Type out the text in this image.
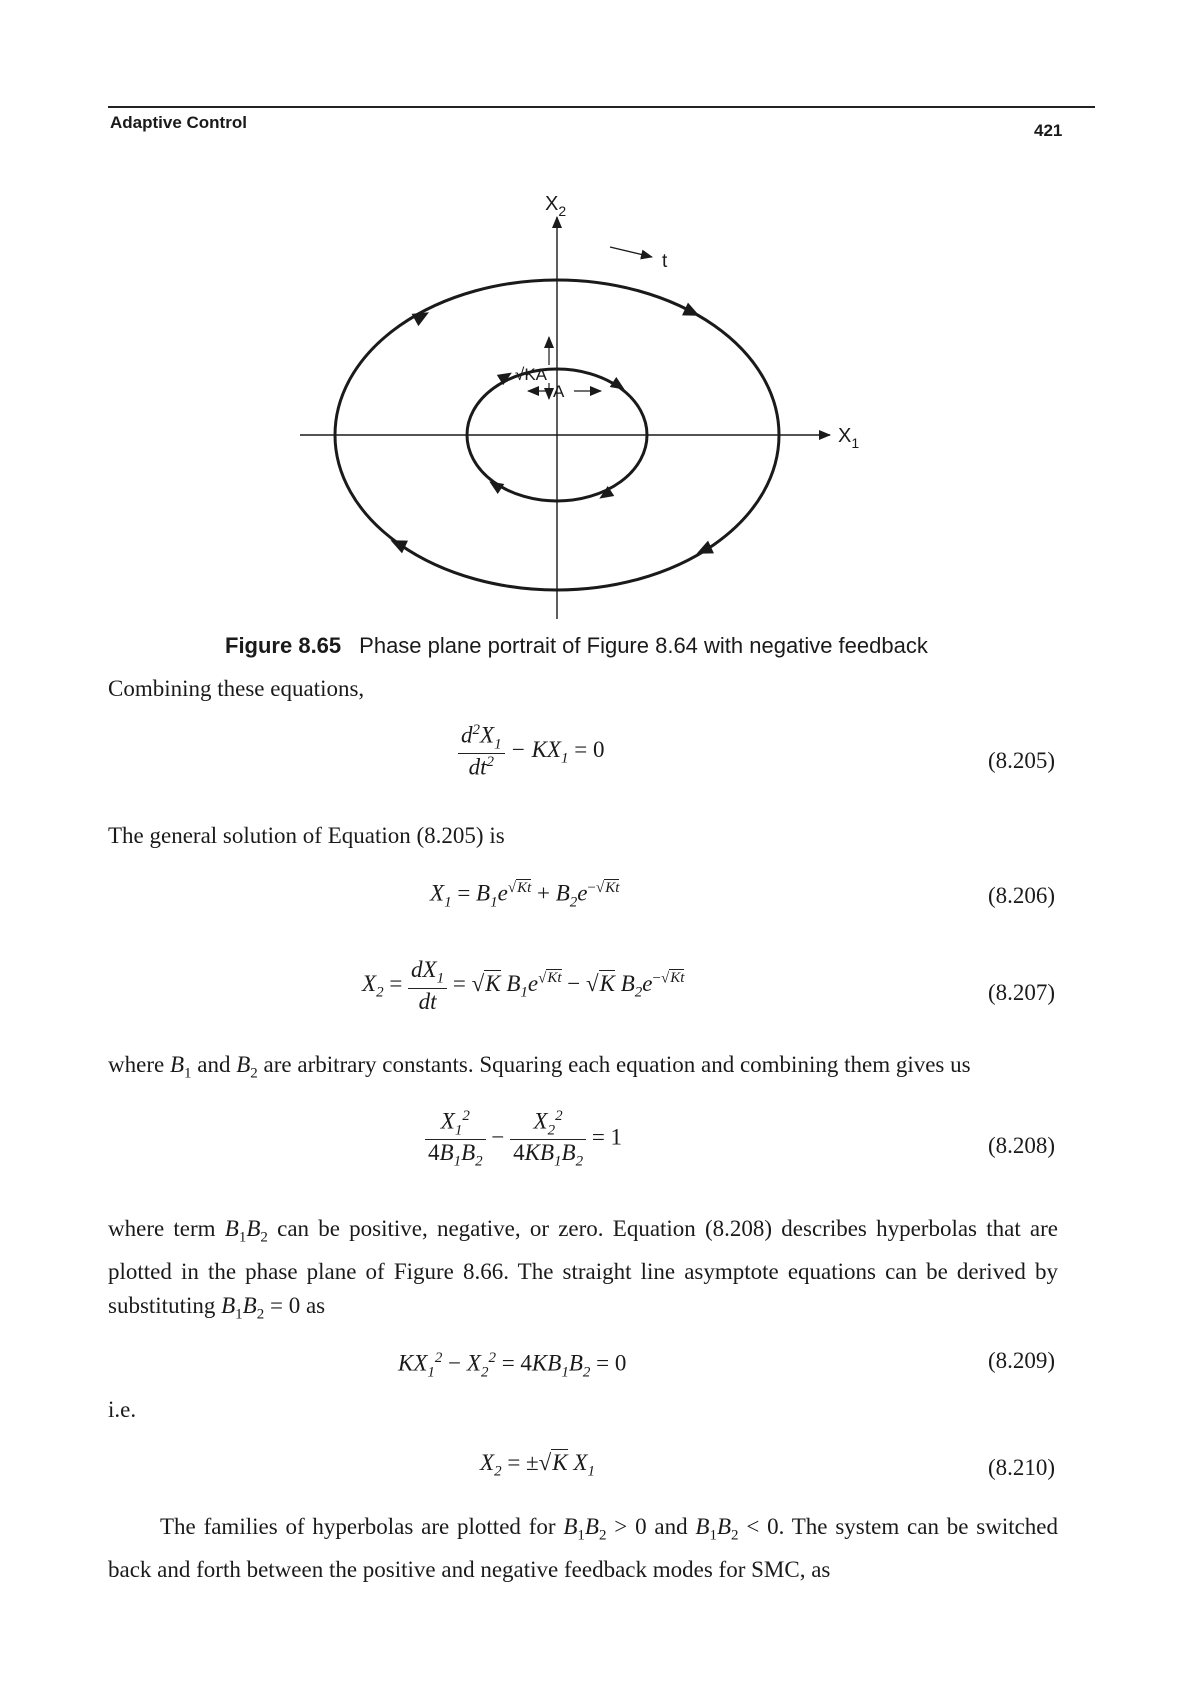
Adaptive Control	421
$X_2$
$X_1$
t
√KA
A
Figure 8.65 Phase plane portrait of Figure 8.64 with negative feedback
Combining these equations,
$\frac{d^2X_1}{dt^2} - KX_1 = 0$	(8.205)
The general solution of Equation (8.205) is
$X_1 = B_1e^{√Kt} + B_2e^{-√Kt}$	(8.206)
$X_2 = \frac{dX_1}{dt} = √K$ $B_1e^{√Kt} - √K$ $B_2e^{-√Kt}$
(8.207)
where $B_1$ and $B_2$ are arbitrary constants. Squaring each equation and combining them gives us
$\frac{X_1^2}{4B_1B_2} - \frac{X_2^2}{4KB_1B_2} = 1$	(8.208)
where term $B_1B_2$ can be positive, negative, or zero. Equation (8.208) describes hyperbolas that are plotted in the phase plane of Figure 8.66. The straight line asymptote equations can be derived by substituting $B_1B_2 = 0$ as
$KX_1^2 - X_2^2 = 4KB_1B_2 = 0$	(8.209)
i.e.
$X_2 = \pm√K$ $X_1$	(8.210)
The families of hyperbolas are plotted for $B_1B_2 > 0$ and $B_1B_2 < 0$. The system can be switched back and forth between the positive and negative feedback modes for SMC, as
